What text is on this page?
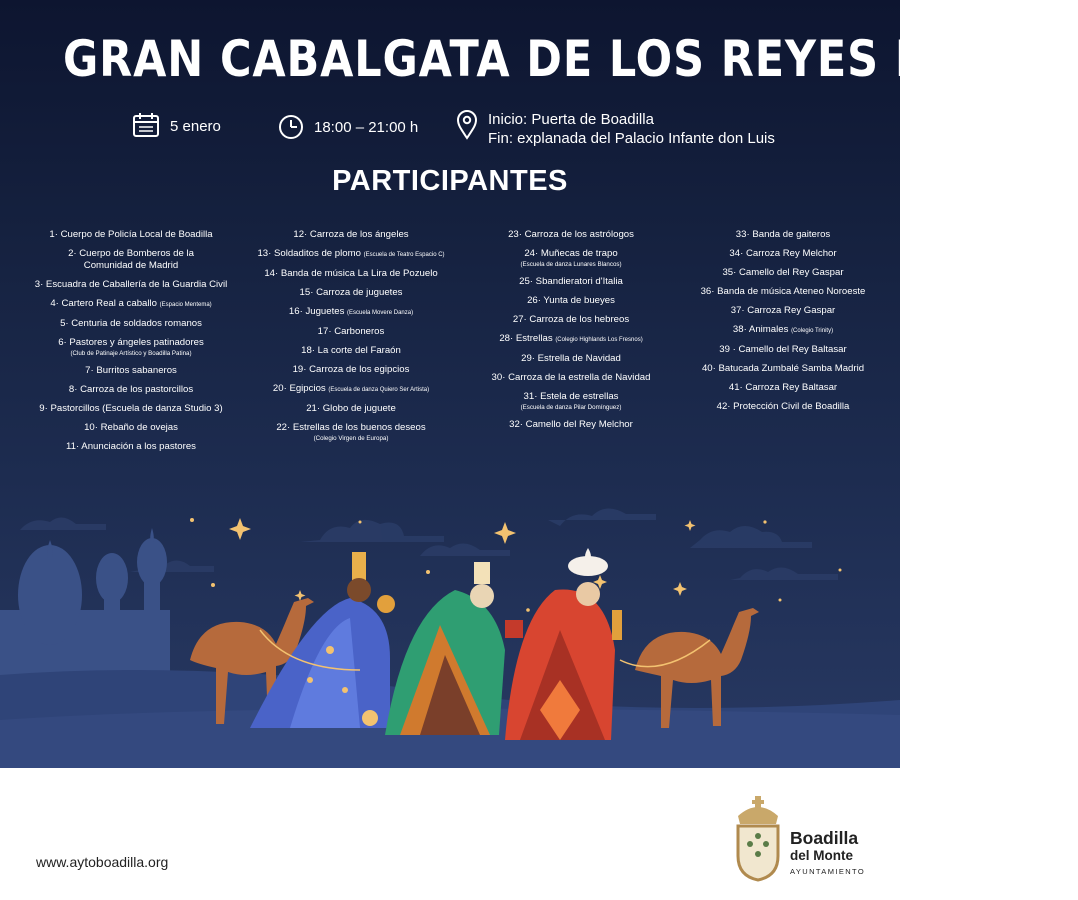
GRAN CABALGATA DE LOS REYES MAGOS
5 enero	18:00 – 21:00 h	Inicio: Puerta de Boadilla
Fin: explanada del Palacio Infante don Luis
PARTICIPANTES
1· Cuerpo de Policía Local de Boadilla
2· Cuerpo de Bomberos de la
Comunidad de Madrid
3· Escuadra de Caballería de la Guardia Civil
4· Cartero Real a caballo (Espacio Mentema)
5· Centuria de soldados romanos
6· Pastores y ángeles patinadores
(Club de Patinaje Artístico y Boadilla Patina)
7· Burritos sabaneros
8· Carroza de los pastorcillos
9· Pastorcillos (Escuela de danza Studio 3)
10· Rebaño de ovejas
11· Anunciación a los pastores
12· Carroza de los ángeles
13· Soldaditos de plomo (Escuela de Teatro Espacio C)
14· Banda de música La Lira de Pozuelo
15· Carroza de juguetes
16· Juguetes (Escuela Movere Danza)
17· Carboneros
18· La corte del Faraón
19· Carroza de los egipcios
20· Egipcios (Escuela de danza Quiero Ser Artista)
21· Globo de juguete
22· Estrellas de los buenos deseos
(Colegio Virgen de Europa)
23· Carroza de los astrólogos
24· Muñecas de trapo
(Escuela de danza Lunares Blancos)
25· Sbandieratori d'Italia
26· Yunta de bueyes
27· Carroza de los hebreos
28· Estrellas (Colegio Highlands Los Fresnos)
29· Estrella de Navidad
30· Carroza de la estrella de Navidad
31· Estela de estrellas
(Escuela de danza Pilar Domínguez)
32· Camello del Rey Melchor
33· Banda de gaiteros
34· Carroza Rey Melchor
35· Camello del Rey Gaspar
36· Banda de música Ateneo Noroeste
37· Carroza Rey Gaspar
38· Animales (Colegio Trinity)
39 · Camello del Rey Baltasar
40· Batucada Zumbalé Samba Madrid
41· Carroza Rey Baltasar
42· Protección Civil de Boadilla
www.aytoboadilla.org
Boadilla
del Monte
AYUNTAMIENTO
